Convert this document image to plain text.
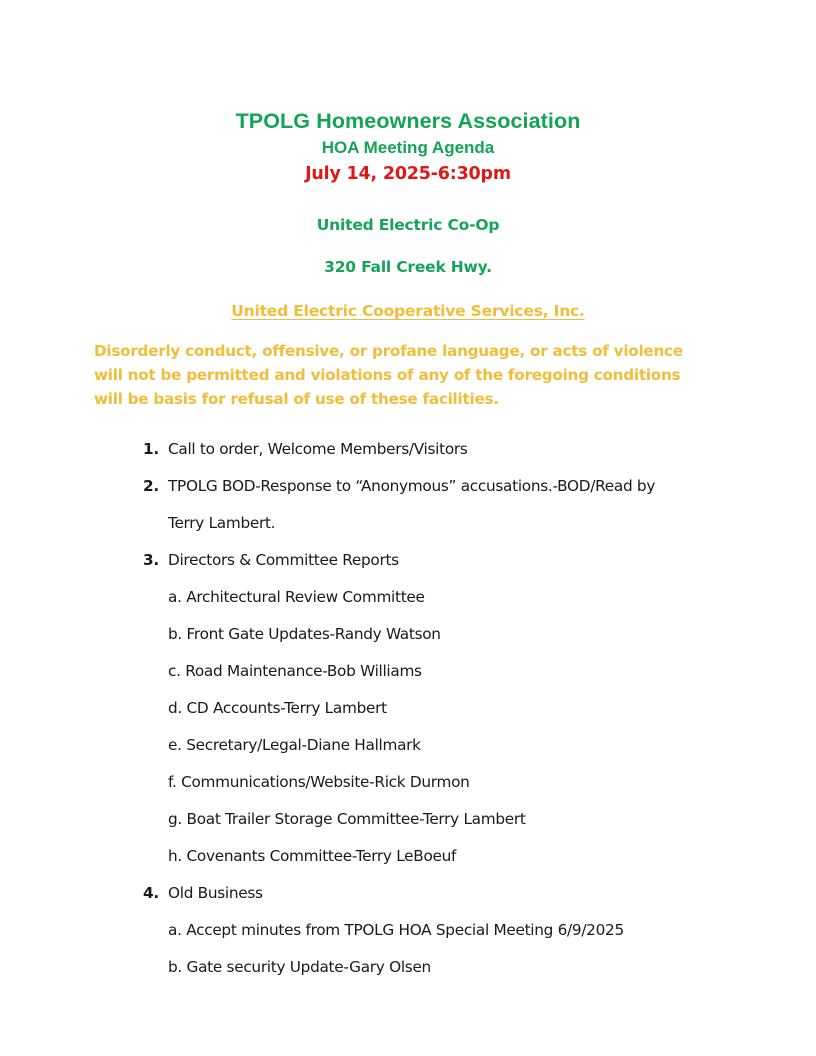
TPOLG Homeowners Association
HOA Meeting Agenda
July 14, 2025-6:30pm
United Electric Co-Op
320 Fall Creek Hwy.
United Electric Cooperative Services, Inc.

Disorderly conduct, offensive, or profane language, or acts of violence will not be permitted and violations of any of the foregoing conditions will be basis for refusal of use of these facilities.

1. Call to order, Welcome Members/Visitors
2. TPOLG BOD-Response to “Anonymous” accusations.-BOD/Read by
Terry Lambert.
3. Directors & Committee Reports
a. Architectural Review Committee
b. Front Gate Updates-Randy Watson
c. Road Maintenance-Bob Williams
d. CD Accounts-Terry Lambert
e. Secretary/Legal-Diane Hallmark
f. Communications/Website-Rick Durmon
g. Boat Trailer Storage Committee-Terry Lambert
h. Covenants Committee-Terry LeBoeuf
4. Old Business
a. Accept minutes from TPOLG HOA Special Meeting 6/9/2025
b. Gate security Update-Gary Olsen
